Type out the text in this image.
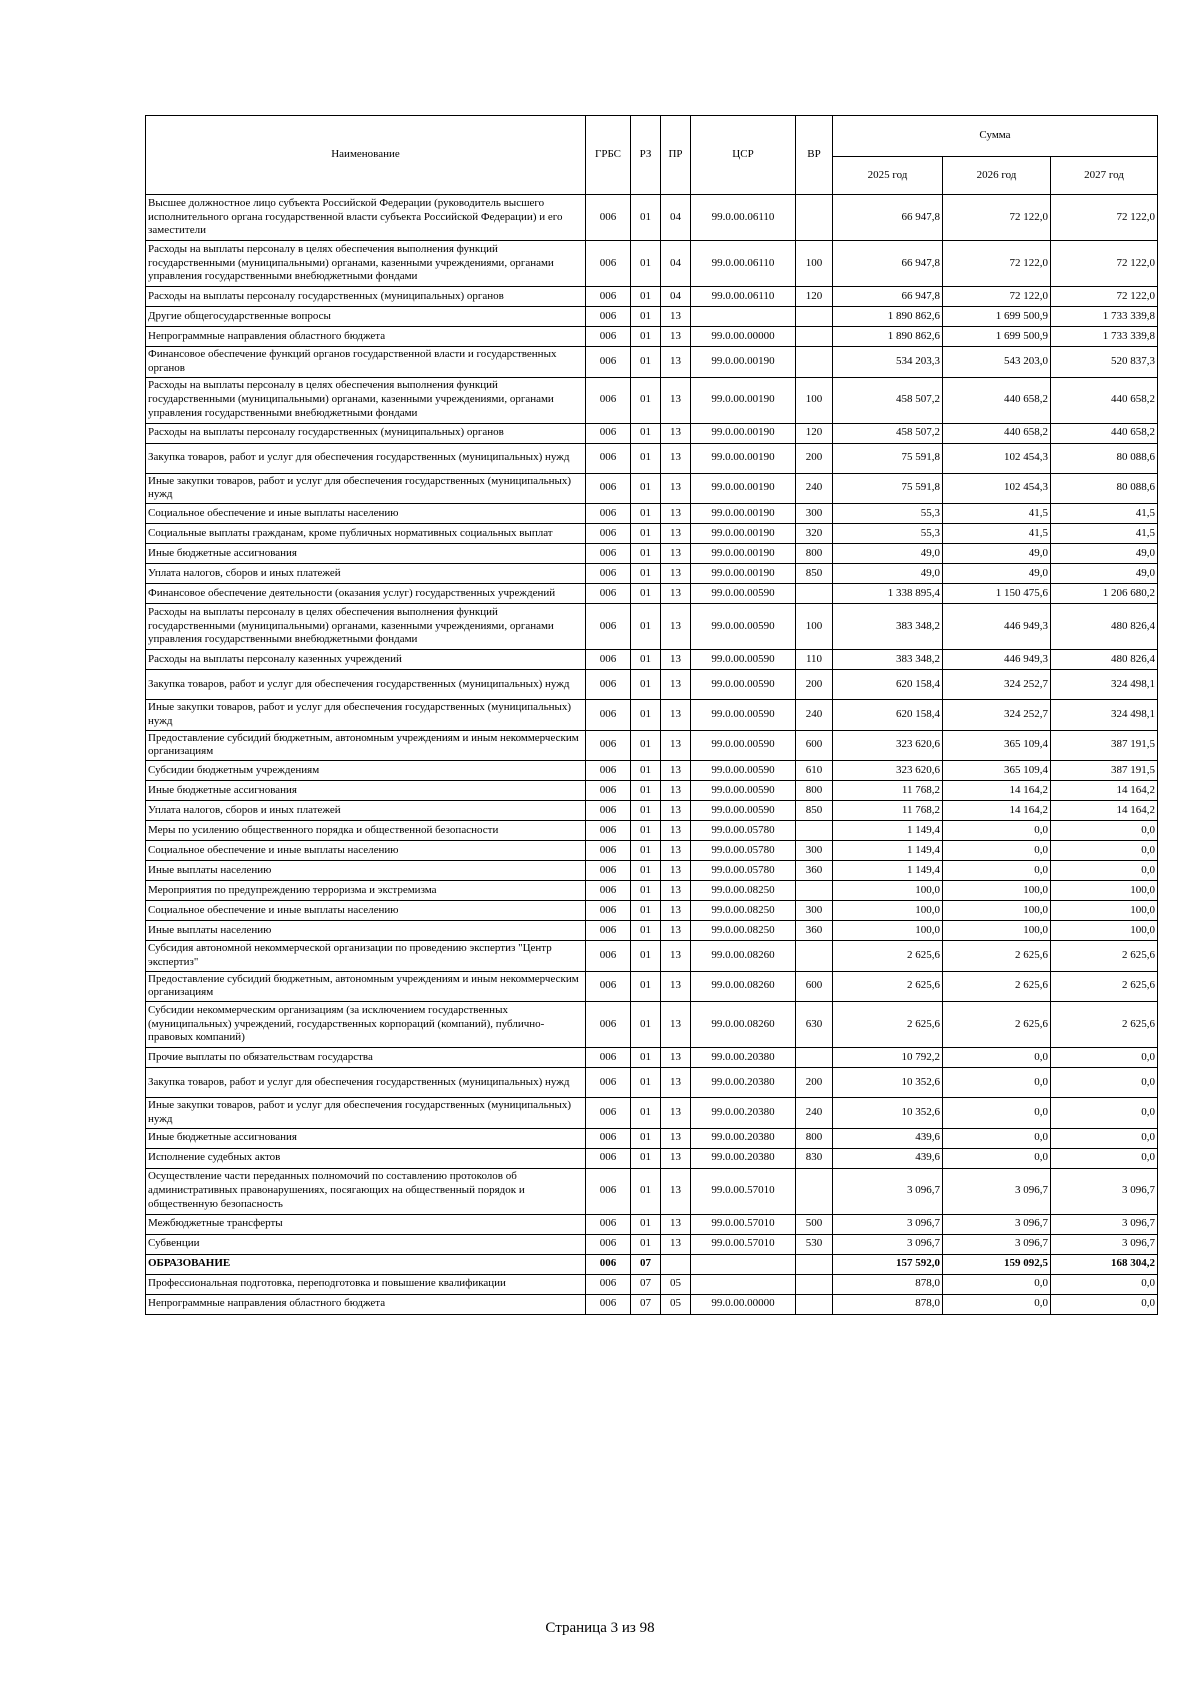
Наименование	ГРБС	РЗ	ПР	ЦСР	ВР	Сумма		
						2025 год	2026 год	2027 год
Высшее должностное лицо субъекта Российской Федерации (руководитель высшего исполнительного органа государственной власти субъекта Российской Федерации) и его заместители	006	01	04	99.0.00.06110		66 947,8	72 122,0	72 122,0
Расходы на выплаты персоналу в целях обеспечения выполнения функций государственными (муниципальными) органами, казенными учреждениями, органами управления государственными внебюджетными фондами	006	01	04	99.0.00.06110	100	66 947,8	72 122,0	72 122,0
Расходы на выплаты персоналу государственных (муниципальных) органов	006	01	04	99.0.00.06110	120	66 947,8	72 122,0	72 122,0
Другие общегосударственные вопросы	006	01	13			1 890 862,6	1 699 500,9	1 733 339,8
Непрограммные направления областного бюджета	006	01	13	99.0.00.00000		1 890 862,6	1 699 500,9	1 733 339,8
Финансовое обеспечение функций органов государственной власти и государственных органов	006	01	13	99.0.00.00190		534 203,3	543 203,0	520 837,3
Расходы на выплаты персоналу в целях обеспечения выполнения функций государственными (муниципальными) органами, казенными учреждениями, органами управления государственными внебюджетными фондами	006	01	13	99.0.00.00190	100	458 507,2	440 658,2	440 658,2
Расходы на выплаты персоналу государственных (муниципальных) органов	006	01	13	99.0.00.00190	120	458 507,2	440 658,2	440 658,2
Закупка товаров, работ и услуг для обеспечения государственных (муниципальных) нужд	006	01	13	99.0.00.00190	200	75 591,8	102 454,3	80 088,6
Иные закупки товаров, работ и услуг для обеспечения государственных (муниципальных) нужд	006	01	13	99.0.00.00190	240	75 591,8	102 454,3	80 088,6
Социальное обеспечение и иные выплаты населению	006	01	13	99.0.00.00190	300	55,3	41,5	41,5
Социальные выплаты гражданам, кроме публичных нормативных социальных выплат	006	01	13	99.0.00.00190	320	55,3	41,5	41,5
Иные бюджетные ассигнования	006	01	13	99.0.00.00190	800	49,0	49,0	49,0
Уплата налогов, сборов и иных платежей	006	01	13	99.0.00.00190	850	49,0	49,0	49,0
Финансовое обеспечение деятельности (оказания услуг) государственных учреждений	006	01	13	99.0.00.00590		1 338 895,4	1 150 475,6	1 206 680,2
Расходы на выплаты персоналу в целях обеспечения выполнения функций государственными (муниципальными) органами, казенными учреждениями, органами управления государственными внебюджетными фондами	006	01	13	99.0.00.00590	100	383 348,2	446 949,3	480 826,4
Расходы на выплаты персоналу казенных учреждений	006	01	13	99.0.00.00590	110	383 348,2	446 949,3	480 826,4
Закупка товаров, работ и услуг для обеспечения государственных (муниципальных) нужд	006	01	13	99.0.00.00590	200	620 158,4	324 252,7	324 498,1
Иные закупки товаров, работ и услуг для обеспечения государственных (муниципальных) нужд	006	01	13	99.0.00.00590	240	620 158,4	324 252,7	324 498,1
Предоставление субсидий бюджетным, автономным учреждениям и иным некоммерческим организациям	006	01	13	99.0.00.00590	600	323 620,6	365 109,4	387 191,5
Субсидии бюджетным учреждениям	006	01	13	99.0.00.00590	610	323 620,6	365 109,4	387 191,5
Иные бюджетные ассигнования	006	01	13	99.0.00.00590	800	11 768,2	14 164,2	14 164,2
Уплата налогов, сборов и иных платежей	006	01	13	99.0.00.00590	850	11 768,2	14 164,2	14 164,2
Меры по усилению общественного порядка и общественной безопасности	006	01	13	99.0.00.05780		1 149,4	0,0	0,0
Социальное обеспечение и иные выплаты населению	006	01	13	99.0.00.05780	300	1 149,4	0,0	0,0
Иные выплаты населению	006	01	13	99.0.00.05780	360	1 149,4	0,0	0,0
Мероприятия по предупреждению терроризма и экстремизма	006	01	13	99.0.00.08250		100,0	100,0	100,0
Социальное обеспечение и иные выплаты населению	006	01	13	99.0.00.08250	300	100,0	100,0	100,0
Иные выплаты населению	006	01	13	99.0.00.08250	360	100,0	100,0	100,0
Субсидия автономной некоммерческой организации по проведению экспертиз "Центр экспертиз"	006	01	13	99.0.00.08260		2 625,6	2 625,6	2 625,6
Предоставление субсидий бюджетным, автономным учреждениям и иным некоммерческим организациям	006	01	13	99.0.00.08260	600	2 625,6	2 625,6	2 625,6
Субсидии некоммерческим организациям (за исключением государственных (муниципальных) учреждений, государственных корпораций (компаний), публично-правовых компаний)	006	01	13	99.0.00.08260	630	2 625,6	2 625,6	2 625,6
Прочие выплаты по обязательствам государства	006	01	13	99.0.00.20380		10 792,2	0,0	0,0
Закупка товаров, работ и услуг для обеспечения государственных (муниципальных) нужд	006	01	13	99.0.00.20380	200	10 352,6	0,0	0,0
Иные закупки товаров, работ и услуг для обеспечения государственных (муниципальных) нужд	006	01	13	99.0.00.20380	240	10 352,6	0,0	0,0
Иные бюджетные ассигнования	006	01	13	99.0.00.20380	800	439,6	0,0	0,0
Исполнение судебных актов	006	01	13	99.0.00.20380	830	439,6	0,0	0,0
Осуществление части переданных полномочий по составлению протоколов об административных правонарушениях, посягающих на общественный порядок и общественную безопасность	006	01	13	99.0.00.57010		3 096,7	3 096,7	3 096,7
Межбюджетные трансферты	006	01	13	99.0.00.57010	500	3 096,7	3 096,7	3 096,7
Субвенции	006	01	13	99.0.00.57010	530	3 096,7	3 096,7	3 096,7
ОБРАЗОВАНИЕ	006	07				157 592,0	159 092,5	168 304,2
Профессиональная подготовка, переподготовка и повышение квалификации	006	07	05			878,0	0,0	0,0
Непрограммные направления областного бюджета	006	07	05	99.0.00.00000		878,0	0,0	0,0
Страница 3 из 98
